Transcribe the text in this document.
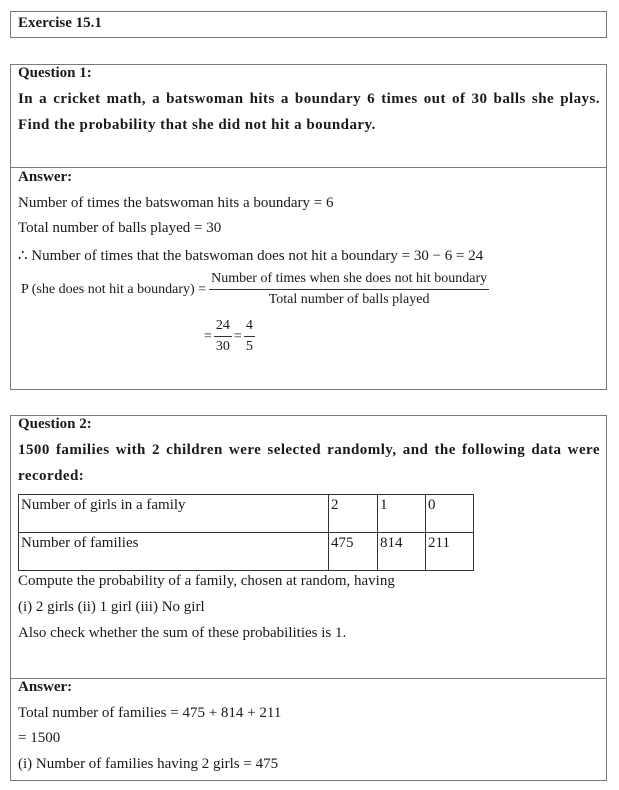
Exercise 15.1
Question 1:
In a cricket math, a batswoman hits a boundary 6 times out of 30 balls she plays.
Find the probability that she did not hit a boundary.
Answer:
Number of times the batswoman hits a boundary = 6
Total number of balls played = 30
∴ Number of times that the batswoman does not hit a boundary = 30 − 6 = 24
P (she does not hit a boundary) = $\frac{\text{Number of times when she does not hit boundary}}{\text{Total number of balls played}}$
= $\frac{24}{30} = \frac{4}{5}$
Question 2:
1500 families with 2 children were selected randomly, and the following data were
recorded:
Number of girls in a family	2	1	0
Number of families	475	814	211
Compute the probability of a family, chosen at random, having
(i) 2 girls (ii) 1 girl (iii) No girl
Also check whether the sum of these probabilities is 1.
Answer:
Total number of families = 475 + 814 + 211
= 1500
(i) Number of families having 2 girls = 475
